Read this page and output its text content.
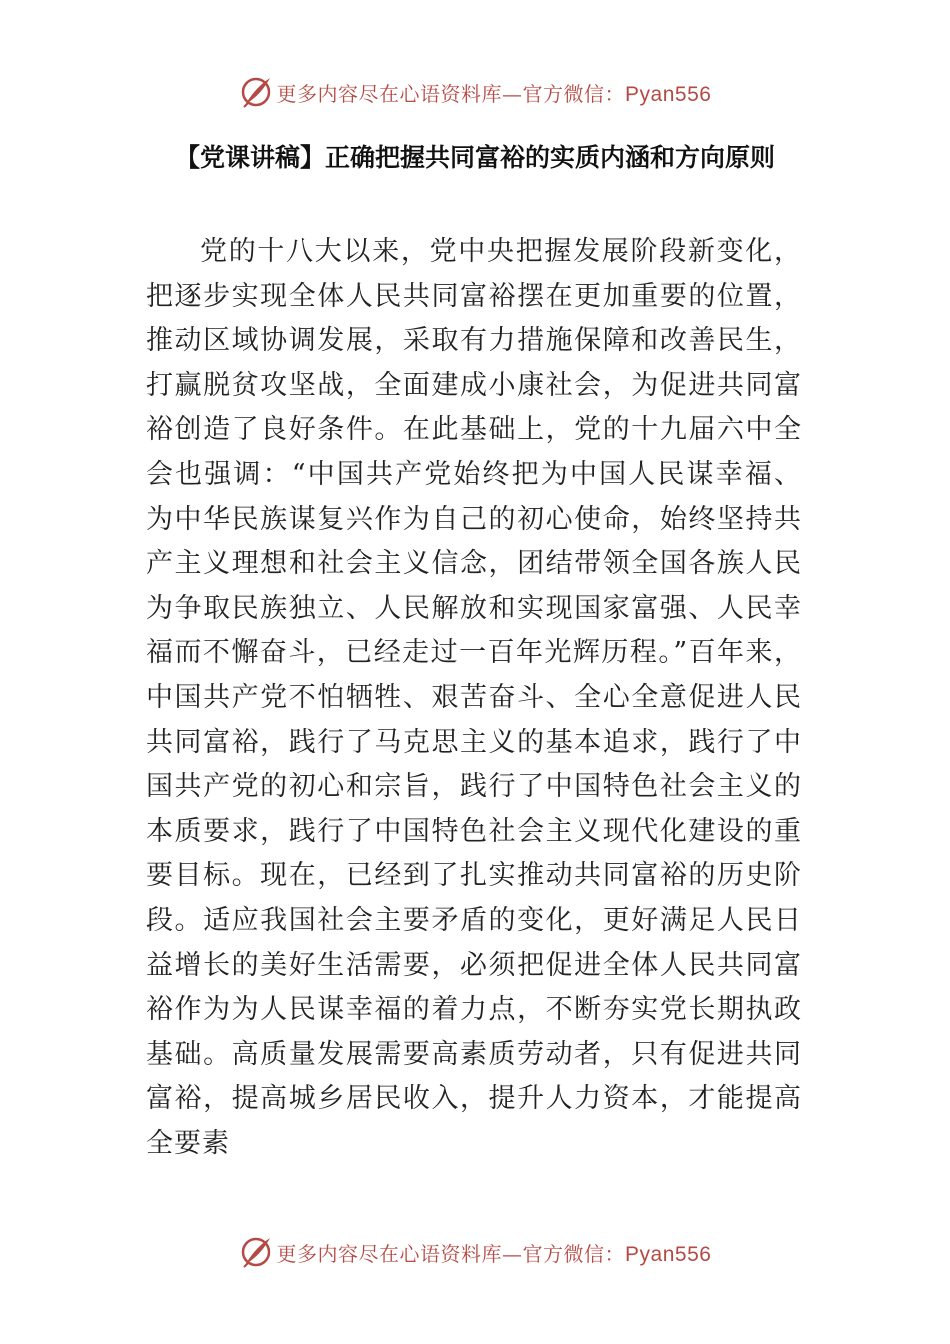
更多内容尽在心语资料库—官方微信：Pyan556
【党课讲稿】正确把握共同富裕的实质内涵和方向原则

党的十八大以来，党中央把握发展阶段新变化，把逐步实现全体人民共同富裕摆在更加重要的位置，推动区域协调发展，采取有力措施保障和改善民生，打赢脱贫攻坚战，全面建成小康社会，为促进共同富裕创造了良好条件。在此基础上，党的十九届六中全会也强调：“中国共产党始终把为中国人民谋幸福、为中华民族谋复兴作为自己的初心使命，始终坚持共产主义理想和社会主义信念，团结带领全国各族人民为争取民族独立、人民解放和实现国家富强、人民幸福而不懈奋斗，已经走过一百年光辉历程。”百年来，中国共产党不怕牺牲、艰苦奋斗、全心全意促进人民共同富裕，践行了马克思主义的基本追求，践行了中国共产党的初心和宗旨，践行了中国特色社会主义的本质要求，践行了中国特色社会主义现代化建设的重要目标。现在，已经到了扎实推动共同富裕的历史阶段。适应我国社会主要矛盾的变化，更好满足人民日益增长的美好生活需要，必须把促进全体人民共同富裕作为为人民谋幸福的着力点，不断夯实党长期执政基础。高质量发展需要高素质劳动者，只有促进共同富裕，提高城乡居民收入，提升人力资本，才能提高全要素

更多内容尽在心语资料库—官方微信：Pyan556
